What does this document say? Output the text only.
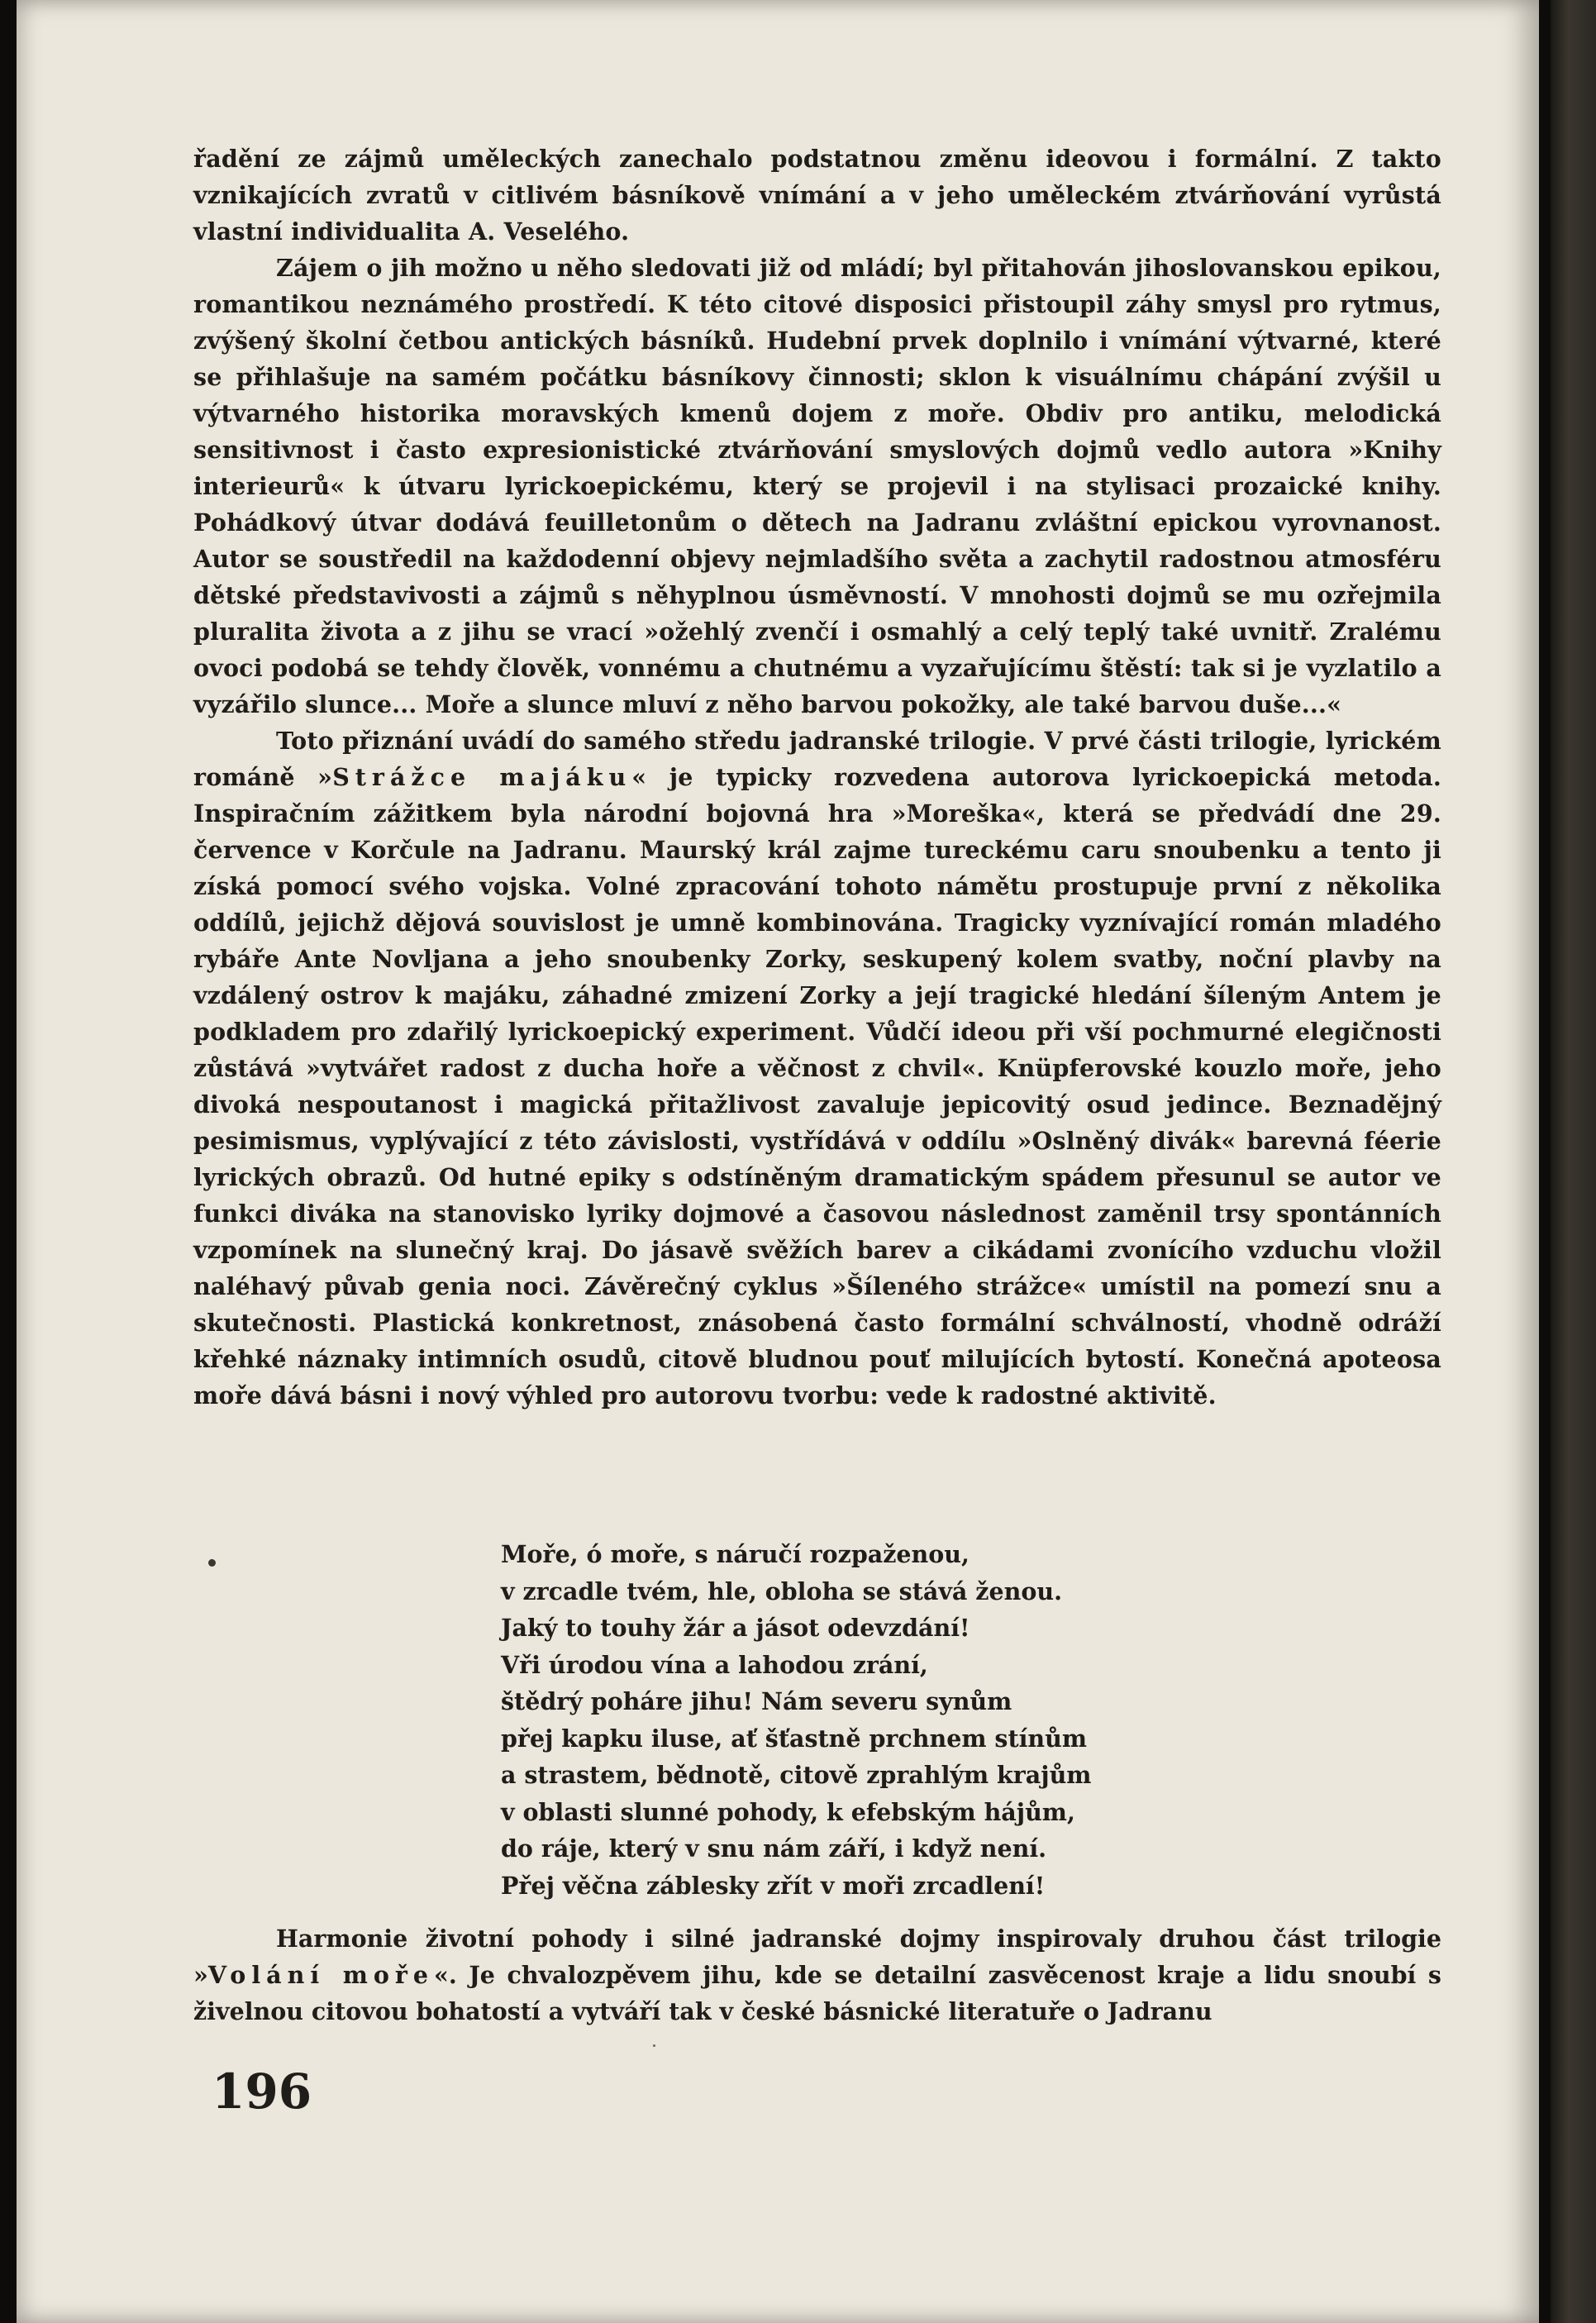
řadění ze zájmů uměleckých zanechalo podstatnou změnu ideovou i formální. Z takto vznikajících zvratů v citlivém básníkově vnímání a v jeho uměleckém ztvárňování vyrůstá vlastní individualita A. Veselého.

Zájem o jih možno u něho sledovati již od mládí; byl přitahován jihoslovanskou epikou, romantikou neznámého prostředí. K této citové disposici přistoupil záhy smysl pro rytmus, zvýšený školní četbou antických básníků. Hudební prvek doplnilo i vnímání výtvarné, které se přihlašuje na samém počátku básníkovy činnosti; sklon k visuálnímu chápání zvýšil u výtvarného historika moravských kmenů dojem z moře. Obdiv pro antiku, melodická sensitivnost i často expresionistické ztvárňování smyslových dojmů vedlo autora »Knihy interieurů« k útvaru lyrickoepickému, který se projevil i na stylisaci prozaické knihy. Pohádkový útvar dodává feuilletonům o dětech na Jadranu zvláštní epickou vyrovnanost. Autor se soustředil na každodenní objevy nejmladšího světa a zachytil radostnou atmosféru dětské představivosti a zájmů s něhyplnou úsměvností. V mnohosti dojmů se mu ozřejmila pluralita života a z jihu se vrací »ožehlý zvenčí i osmahlý a celý teplý také uvnitř. Zralému ovoci podobá se tehdy člověk, vonnému a chutnému a vyzařujícímu štěstí: tak si je vyzlatilo a vyzářilo slunce... Moře a slunce mluví z něho barvou pokožky, ale také barvou duše...«

Toto přiznání uvádí do samého středu jadranské trilogie. V prvé části trilogie, lyrickém románě »Strážce majáku« je typicky rozvedena autorova lyrickoepická metoda. Inspiračním zážitkem byla národní bojovná hra »Moreška«, která se předvádí dne 29. července v Korčule na Jadranu. Maurský král zajme tureckému caru snoubenku a tento ji získá pomocí svého vojska. Volné zpracování tohoto námětu prostupuje první z několika oddílů, jejichž dějová souvislost je umně kombinována. Tragicky vyznívající román mladého rybáře Ante Novljana a jeho snoubenky Zorky, seskupený kolem svatby, noční plavby na vzdálený ostrov k majáku, záhadné zmizení Zorky a její tragické hledání šíleným Antem je podkladem pro zdařilý lyrickoepický experiment. Vůdčí ideou při vší pochmurné elegičnosti zůstává »vytvářet radost z ducha hoře a věčnost z chvil«. Knüpferovské kouzlo moře, jeho divoká nespoutanost i magická přitažlivost zavaluje jepicovitý osud jedince. Beznadějný pesimismus, vyplývající z této závislosti, vystřídává v oddílu »Oslněný divák« barevná féerie lyrických obrazů. Od hutné epiky s odstíněným dramatickým spádem přesunul se autor ve funkci diváka na stanovisko lyriky dojmové a časovou následnost zaměnil trsy spontánních vzpomínek na slunečný kraj. Do jásavě svěžích barev a cikádami zvonícího vzduchu vložil naléhavý půvab genia noci. Závěrečný cyklus »Šíleného strážce« umístil na pomezí snu a skutečnosti. Plastická konkretnost, znásobená často formální schválností, vhodně odráží křehké náznaky intimních osudů, citově bludnou pouť milujících bytostí. Konečná apoteosa moře dává básni i nový výhled pro autorovu tvorbu: vede k radostné aktivitě.

Moře, ó moře, s náručí rozpaženou,
v zrcadle tvém, hle, obloha se stává ženou.
Jaký to touhy žár a jásot odevzdání!
Vři úrodou vína a lahodou zrání,
štědrý poháre jihu! Nám severu synům
přej kapku iluse, ať šťastně prchnem stínům
a strastem, bědnotě, citově zprahlým krajům
v oblasti slunné pohody, k efebským hájům,
do ráje, který v snu nám září, i když není.
Přej věčna záblesky zřít v moři zrcadlení!

Harmonie životní pohody i silné jadranské dojmy inspirovaly druhou část trilogie »Volání moře«. Je chvalozpěvem jihu, kde se detailní zasvěcenost kraje a lidu snoubí s živelnou citovou bohatostí a vytváří tak v české básnické literatuře o Jadranu

196
